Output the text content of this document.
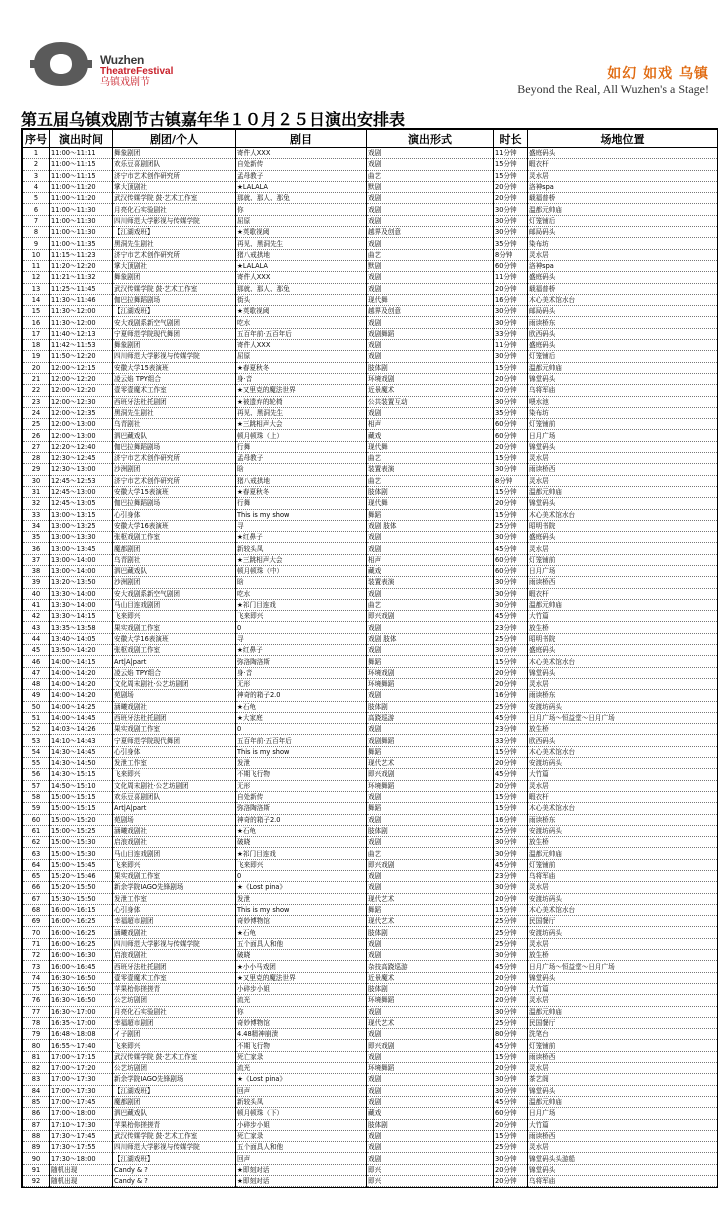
Wuzhen
TheatreFestival
乌镇戏剧节
如幻 如戏 乌镇
Beyond the Real, All Wuzhen's a Stage!
第五届乌镇戏剧节古镇嘉年华１０月２５日演出安排表
序号	演出时间	剧团/个人	剧目	演出形式	时长	场地位置
1	11:00～11:11	舞象剧团	寄件人XXX	戏剧	11分钟	盛庭码头
2	11:00～11:15	欢乐豆喜剧团队	自处新传	戏剧	15分钟	暇衣杆
3	11:00～11:15	济宁市艺术创作研究所	孟母教子	曲艺	15分钟	灵水居
4	11:00～11:20	掌大顶剧社	★LALALA	默剧	20分钟	洛神spa
5	11:00～11:20	武汉传媒学院 鼓·艺术工作室	那就、那人、那兔	戏剧	20分钟	载福普桥
6	11:00～11:30	月亮化石实验剧社	你	戏剧	30分钟	温都元帅庙
7	11:00～11:30	四川师范大学影视与传媒学院	屈原	戏剧	30分钟	灯笼铺后
8	11:00～11:30	【江湖戏班】	★英歌视阈	越界及创意	30分钟	邮局码头
9	11:00～11:35	黑洞先生剧社	再见、黑洞先生	戏剧	35分钟	染布坊
10	11:15～11:23	济宁市艺术创作研究所	猪八戒拱地	曲艺	8分钟	灵水居
11	11:20～12:20	掌大顶剧社	★LALALA	默剧	60分钟	洛神spa
12	11:21～11:32	舞象剧团	寄件人XXX	戏剧	11分钟	盛庭码头
13	11:25～11:45	武汉传媒学院 鼓·艺术工作室	那就、那人、那兔	戏剧	20分钟	载福普桥
14	11:30～11:46	伽巴拉舞蹈剧场	街头	现代舞	16分钟	木心美术馆水台
15	11:30～12:00	【江湖戏班】	★英歌视阈	越界及创意	30分钟	邮局码头
16	11:30～12:00	安大戏剧系新空气剧团	吃水	戏剧	30分钟	雨读桥东
17	11:40～12:13	宁夏师范学院现代舞团	五百年前·五百年后	戏剧舞蹈	33分钟	欧西码头
18	11:42～11:53	舞象剧团	寄件人XXX	戏剧	11分钟	盛庭码头
19	11:50～12:20	四川师范大学影视与传媒学院	屈原	戏剧	30分钟	灯笼铺后
20	12:00～12:15	安徽大学15表演班	★春夏秋冬	肢体剧	15分钟	温都元帅庙
21	12:00～12:20	凌云焰 TPY组合	身·音	环境戏剧	20分钟	锦堂码头
22	12:00～12:20	壹零壹魔术工作室	★又里克的魔法世界	近景魔术	20分钟	乌将军庙
23	12:00～12:30	西班牙法杜托剧团	★被遗弃的轮椅	公共装置互动	30分钟	喂水池
24	12:00～12:35	黑洞先生剧社	再见、黑洞先生	戏剧	35分钟	染布坊
25	12:00～13:00	乌青剧社	★三跳相声大会	相声	60分钟	灯笼铺前
26	12:00～13:00	泗巴藏戏队	顿月顿珠（上）	藏戏	60分钟	日月广场
27	12:20～12:40	伽巴拉舞蹈剧场	行舞	现代舞	20分钟	锦堂码头
28	12:30～12:45	济宁市艺术创作研究所	孟母教子	曲艺	15分钟	灵水居
29	12:30～13:00	沙洲剧团	晗	装置表演	30分钟	雨读桥西
30	12:45～12:53	济宁市艺术创作研究所	猪八戒拱地	曲艺	8分钟	灵水居
31	12:45～13:00	安徽大学15表演班	★春夏秋冬	肢体剧	15分钟	温都元帅庙
32	12:45～13:05	伽巴拉舞蹈剧场	行舞	现代舞	20分钟	锦堂码头
33	13:00～13:15	心引身体	This is my show	舞蹈	15分钟	木心美术馆水台
34	13:00～13:25	安徽大学16表演班	寻	戏剧 肢体	25分钟	昭明书院
35	13:00～13:30	张枢戏剧工作室	★红鼻子	戏剧	30分钟	盛庭码头
36	13:00～13:45	魔都剧团	新较头凤	戏剧	45分钟	灵水居
37	13:00～14:00	乌青剧社	★三跳相声大会	相声	60分钟	灯笼铺前
38	13:00～14:00	泗巴藏戏队	顿月顿珠（中）	藏戏	60分钟	日月广场
39	13:20～13:50	沙洲剧团	晗	装置表演	30分钟	雨读桥西
40	13:30～14:00	安大戏剧系新空气剧团	吃水	戏剧	30分钟	暇衣杆
41	13:30～14:00	马山目连戏剧团	★祁门目连戏	曲艺	30分钟	温都元帅庙
42	13:30～14:15	飞来即兴	飞来即兴	即兴戏剧	45分钟	大竹篇
43	13:35～13:58	果实戏剧工作室	0	戏剧	23分钟	放生桥
44	13:40～14:05	安徽大学16表演班	寻	戏剧 肢体	25分钟	昭明书院
45	13:50～14:20	张枢戏剧工作室	★红鼻子	戏剧	30分钟	盛庭码头
46	14:00～14:15	Art|A|part	弥洛陶洛斯	舞蹈	15分钟	木心美术馆水台
47	14:00～14:20	凌云焰 TPY组合	身·音	环境戏剧	20分钟	锦堂码头
48	14:00～14:20	文化周末剧社·公艺坊剧团	无形	环境舞蹈	20分钟	灵水居
49	14:00～14:20	苑剧场	神奇的箱子2.0	戏剧	16分钟	雨读桥东
50	14:00～14:25	涵曦戏剧社	★石龟	肢体剧	25分钟	安渡坊码头
51	14:00～14:45	西班牙法杜托剧团	★大家庭	高跷巡游	45分钟	日月广场～恒益堂～日月广场
52	14:03～14:26	果实戏剧工作室	0	戏剧	23分钟	放生桥
53	14:10～14:43	宁夏师范学院现代舞团	五百年前·五百年后	戏剧舞蹈	33分钟	欧西码头
54	14:30～14:45	心引身体	This is my show	舞蹈	15分钟	木心美术馆水台
55	14:30～14:50	发泄工作室	发泄	现代艺术	20分钟	安渡坊码头
56	14:30～15:15	飞来即兴	不期飞行物	即兴戏剧	45分钟	大竹篇
57	14:50～15:10	文化周末剧社·公艺坊剧团	无形	环境舞蹈	20分钟	灵水居
58	15:00～15:15	欢乐豆喜剧团队	自处新传	戏剧	15分钟	暇衣杆
59	15:00～15:15	Art|A|part	弥洛陶洛斯	舞蹈	15分钟	木心美术馆水台
60	15:00～15:20	苑剧场	神奇的箱子2.0	戏剧	16分钟	雨读桥东
61	15:00～15:25	涵曦戏剧社	★石龟	肢体剧	25分钟	安渡坊码头
62	15:00～15:30	启浪戏剧社	破晓	戏剧	30分钟	放生桥
63	15:00～15:30	马山目连戏剧团	★祁门目连戏	曲艺	30分钟	温都元帅庙
64	15:00～15:45	飞来即兴	飞来即兴	即兴戏剧	45分钟	灯笼铺前
65	15:20～15:46	果实戏剧工作室	0	戏剧	23分钟	乌将军庙
66	15:20～15:50	新余学院IAGO先锋剧场	★《Lost pina》	戏剧	30分钟	灵水居
67	15:30～15:50	发泄工作室	发泄	现代艺术	20分钟	安渡坊码头
68	16:00～16:15	心引身体	This is my show	舞蹈	15分钟	木心美术馆水台
69	16:00～16:25	幸福超市剧团	奇妙博物馆	现代艺术	25分钟	民国餐厅
70	16:00～16:25	涵曦戏剧社	★石龟	肢体剧	25分钟	安渡坊码头
71	16:00～16:25	四川师范大学影视与传媒学院	五个面具人和他	戏剧	25分钟	灵水居
72	16:00～16:30	启浪戏剧社	破晓	戏剧	30分钟	放生桥
73	16:00～16:45	西班牙法杜托剧团	★小小马戏团	杂技高跷巡游	45分钟	日月广场～恒益堂～日月广场
74	16:30～16:50	壹零壹魔术工作室	★又里克的魔法世界	近景魔术	20分钟	锦堂码头
75	16:30～16:50	苹果枱你搓搓青	小碎步小姐	肢体剧	20分钟	大竹篇
76	16:30～16:50	公艺坊剧团	流光	环境舞蹈	20分钟	灵水居
77	16:30～17:00	月亮化石实验剧社	你	戏剧	30分钟	温都元帅庙
78	16:35～17:00	幸福超市剧团	奇妙博物馆	现代艺术	25分钟	民国餐厅
79	16:48～18:08	イ子剧团	4.48精神崩溃	戏剧	80分钟	洗笔台
80	16:55～17:40	飞来即兴	不期飞行物	即兴戏剧	45分钟	灯笼铺前
81	17:00～17:15	武汉传媒学院 鼓·艺术工作室	死亡家录	戏剧	15分钟	雨读桥西
82	17:00～17:20	公艺坊剧团	流光	环境舞蹈	20分钟	灵水居
83	17:00～17:30	新余学院IAGO先锋剧场	★《Lost pina》	戏剧	30分钟	茶艺阁
84	17:00～17:30	【江湖戏班】	回声	戏剧	30分钟	锦堂码头
85	17:00～17:45	魔都剧团	新较头凤	戏剧	45分钟	温都元帅庙
86	17:00～18:00	泗巴藏戏队	顿月顿珠（下）	藏戏	60分钟	日月广场
87	17:10～17:30	苹果枱你搓搓青	小碎步小姐	肢体剧	20分钟	大竹篇
88	17:30～17:45	武汉传媒学院 鼓·艺术工作室	死亡家录	戏剧	15分钟	雨读桥西
89	17:30～17:55	四川师范大学影视与传媒学院	五个面具人和他	戏剧	25分钟	灵水居
90	17:30～18:00	【江湖戏班】	回声	戏剧	30分钟	锦堂码头头游船
91	随机出现	Candy & ?	★即刻对话	即兴	20分钟	锦堂码头
92	随机出现	Candy & ?	★即刻对话	即兴	20分钟	乌将军庙
